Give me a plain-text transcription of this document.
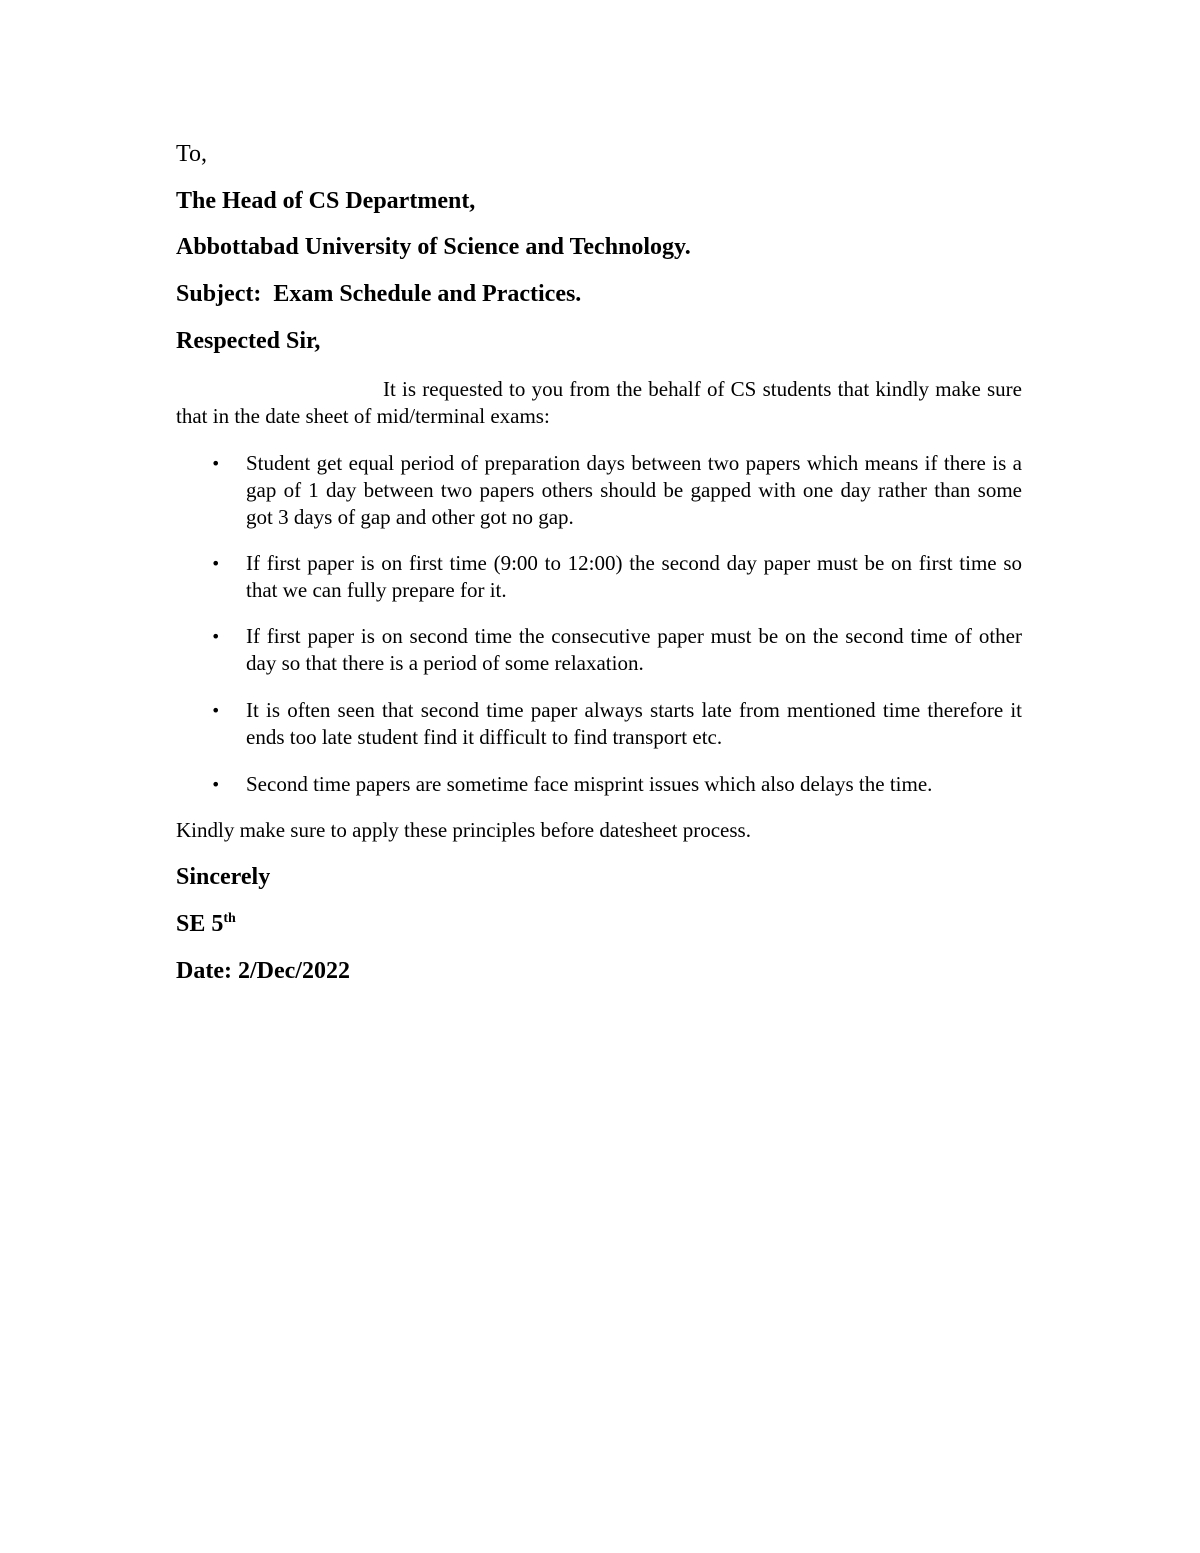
To,

The Head of CS Department,

Abbottabad University of Science and Technology.

Subject: Exam Schedule and Practices.

Respected Sir,

It is requested to you from the behalf of CS students that kindly make sure that in the date sheet of mid/terminal exams:

• Student get equal period of preparation days between two papers which means if there is a gap of 1 day between two papers others should be gapped with one day rather than some got 3 days of gap and other got no gap.
• If first paper is on first time (9:00 to 12:00) the second day paper must be on first time so that we can fully prepare for it.
• If first paper is on second time the consecutive paper must be on the second time of other day so that there is a period of some relaxation.
• It is often seen that second time paper always starts late from mentioned time therefore it ends too late student find it difficult to find transport etc.
• Second time papers are sometime face misprint issues which also delays the time.

Kindly make sure to apply these principles before datesheet process.

Sincerely

SE 5th

Date: 2/Dec/2022
